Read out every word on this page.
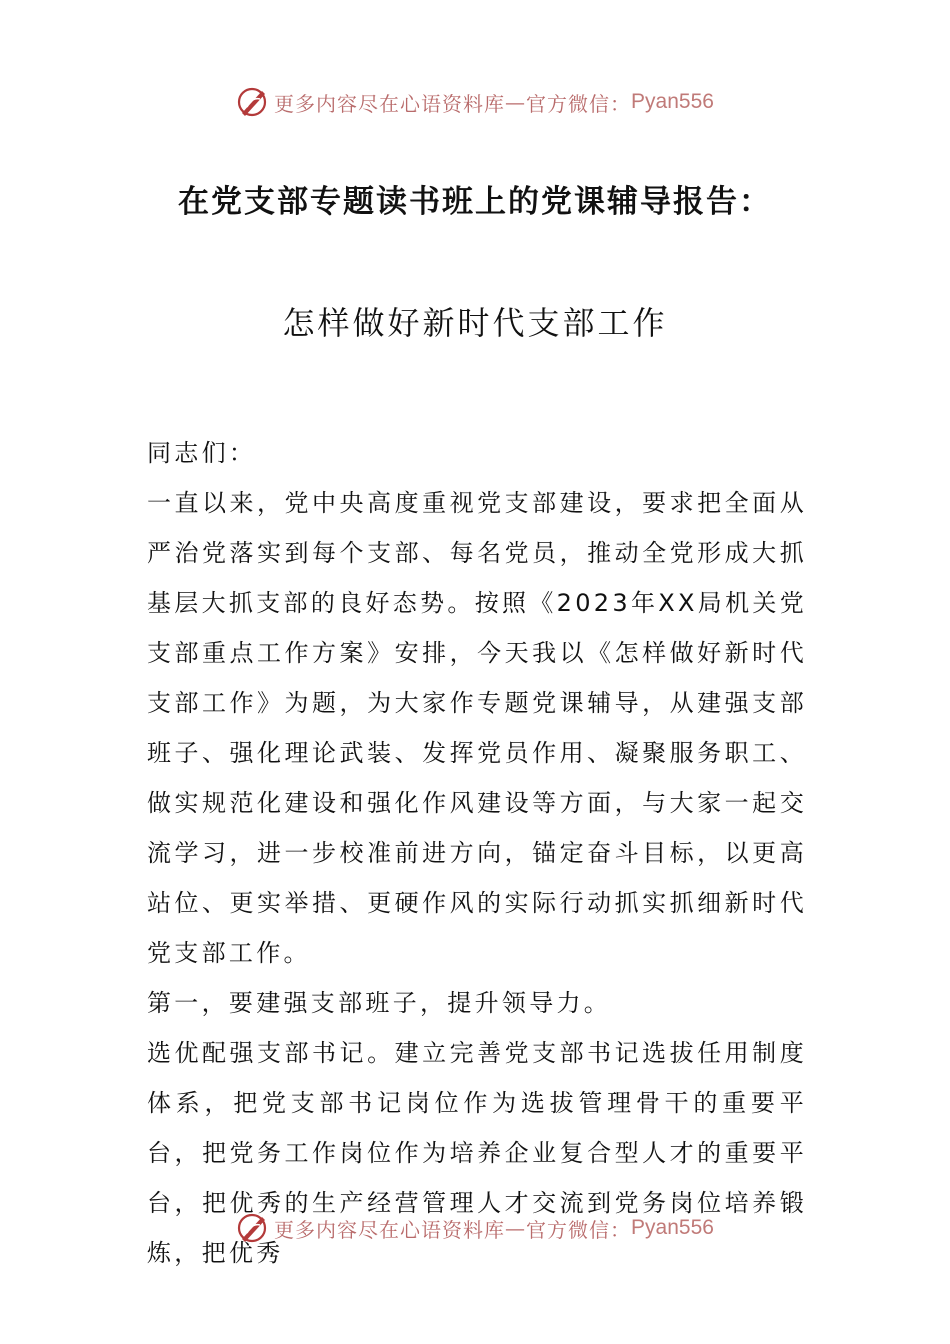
更多内容尽在心语资料库 — 官方微信： Pyan556
在党支部专题读书班上的党课辅导报告：
怎样做好新时代支部工作

同志们：

一直以来，党中央高度重视党支部建设，要求把全面从严治党落实到每个支部、每名党员，推动全党形成大抓基层大抓支部的良好态势。按照《2023年XX局机关党支部重点工作方案》安排，今天我以《怎样做好新时代支部工作》为题，为大家作专题党课辅导，从建强支部班子、强化理论武装、发挥党员作用、凝聚服务职工、做实规范化建设和强化作风建设等方面，与大家一起交流学习，进一步校准前进方向，锚定奋斗目标，以更高站位、更实举措、更硬作风的实际行动抓实抓细新时代党支部工作。

第一，要建强支部班子，提升领导力。

选优配强支部书记。建立完善党支部书记选拔任用制度体系，把党支部书记岗位作为选拔管理骨干的重要平台，把党务工作岗位作为培养企业复合型人才的重要平台，把优秀的生产经营管理人才交流到党务岗位培养锻炼，把优秀

更多内容尽在心语资料库 — 官方微信： Pyan556
